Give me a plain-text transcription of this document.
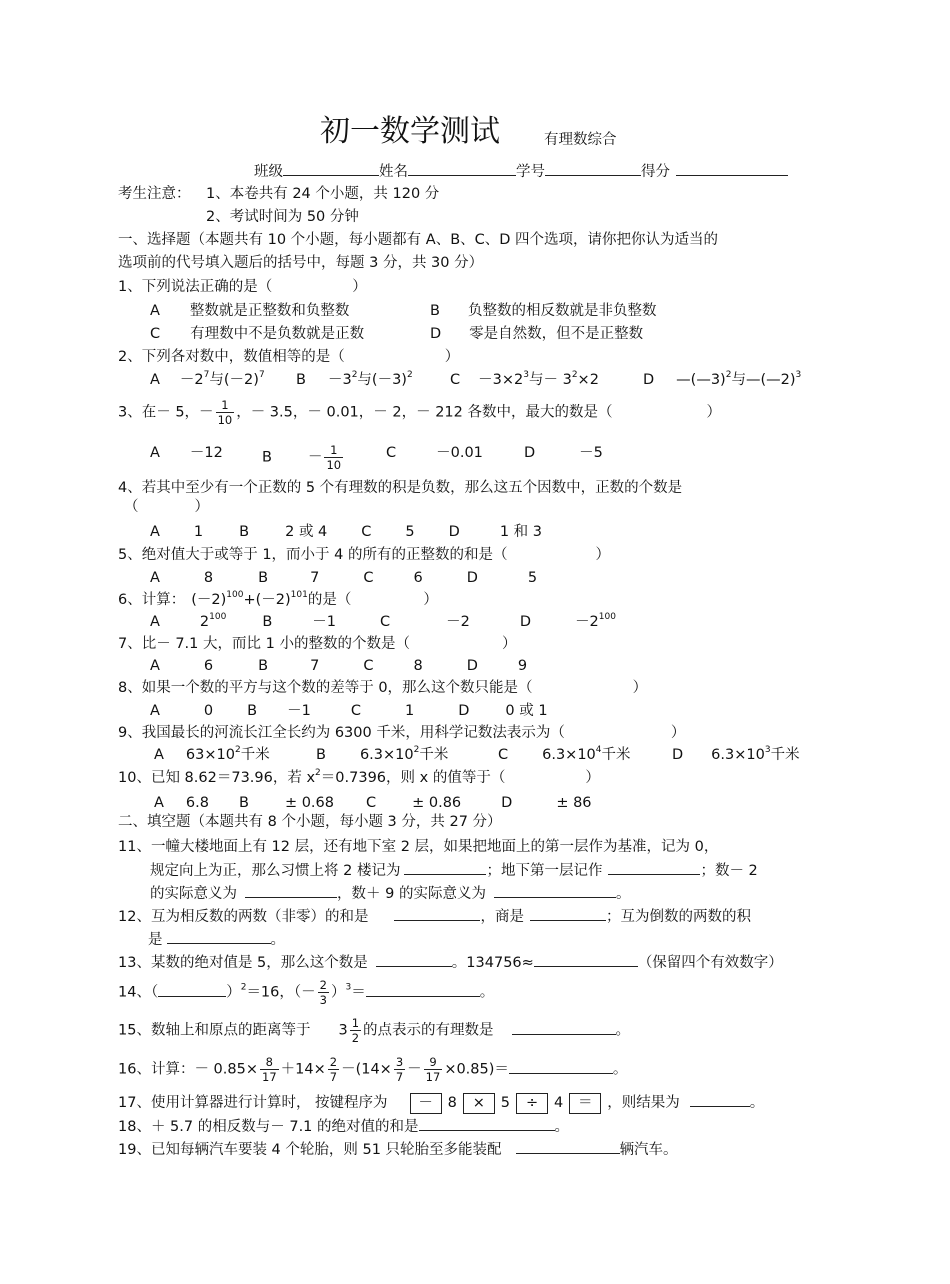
初一数学测试	有理数综合
班级	姓名	学号	得分
考生注意： 1、本卷共有 24 个小题，共 120 分
2、考试时间为 50 分钟
一、选择题（本题共有 10 个小题，每小题都有 A、B、C、D 四个选项，请你把你认为适当的
选项前的代号填入题后的括号中，每题 3 分，共 30 分）
1、下列说法正确的是（	）
A 整数就是正整数和负整数	B 负整数的相反数就是非负整数
C 有理数中不是负数就是正数	D 零是自然数，但不是正整数
2、下列各对数中，数值相等的是（	）
$A -2^7$与$(-2)^7$ $B -3^2$与$(-3)^2$	$C -3\times 2^3$与－ $3^2\times 2$	D —(—3)$^2$与—(—2)$^3$
3、在－ 5，－ $\frac{1}{10}$ ，－ 3.5，－ 0.01，－ 2，－ 212 各数中，最大的数是（	）
A －12	$B - \frac{1}{10}$	C	－0.01	D	－5
4、若其中至少有一个正数的 5 个有理数的积是负数，那么这五个因数中，正数的个数是
（	）
A 1 B 2 或 4 C 5 D	1 和 3
5、绝对值大于或等于 1，而小于 4 的所有的正整数的和是（	）
A	8	B	7	C	6	D	5
6、计算： $(-2)^{100}+(-2)^{101}$的是（	）
A	$2^{100}$ B	－1	C	－2	D	$-2^{100}$
7、比－ 7.1 大，而比 1 小的整数的个数是（	）
A	6	B	7	C	8	D	9
8、如果一个数的平方与这个数的差等于 0，那么这个数只能是（	）
A	0 B －1	C	1	D 0 或 1
9、我国最长的河流长江全长约为 6300 千米，用科学记数法表示为（	）
A $63\times 10^2$千米	B $6.3\times 10^2$千米	C $6.3\times 10^4$千米	D $6.3\times 10^3$千米
10、已知 8.62＝73.96，若 $x^2=0.7396$，则 x 的值等于（	）
A 6.8 B ± 0.68 C ± 0.86	D	± 86
二、填空题（本题共有 8 个小题，每小题 3 分，共 27 分）
11、一幢大楼地面上有 12 层，还有地下室 2 层，如果把地面上的第一层作为基准，记为 0，
规定向上为正，那么习惯上将 2 楼记为	；地下第一层记作	；数－ 2
的实际意义为	，数＋ 9 的实际意义为	。
12、互为相反数的两数（非零）的和是	，商是	；互为倒数的两数的积
是	。
13、某数的绝对值是 5，那么这个数是	。134756≈	（保留四个有效数字）
14、（	）$^2$＝16，（－ $\frac{2}{3} )^3=$	。
15、数轴上和原点的距离等于 $3 \frac{1}{2}$ 的点表示的有理数是	。
16、计算：－ $0.85\times \frac{8}{17} +14\times \frac{2}{7} -(14\times \frac{3}{7} - \frac{9}{17} \times 0.85)=$	。
17、使用计算器进行计算时， 按键程序为 － 8 × 5 ÷ 4 ＝ ，则结果为	。
18、＋ 5.7 的相反数与－ 7.1 的绝对值的和是	。
19、已知每辆汽车要装 4 个轮胎，则 51 只轮胎至多能装配	辆汽车。
